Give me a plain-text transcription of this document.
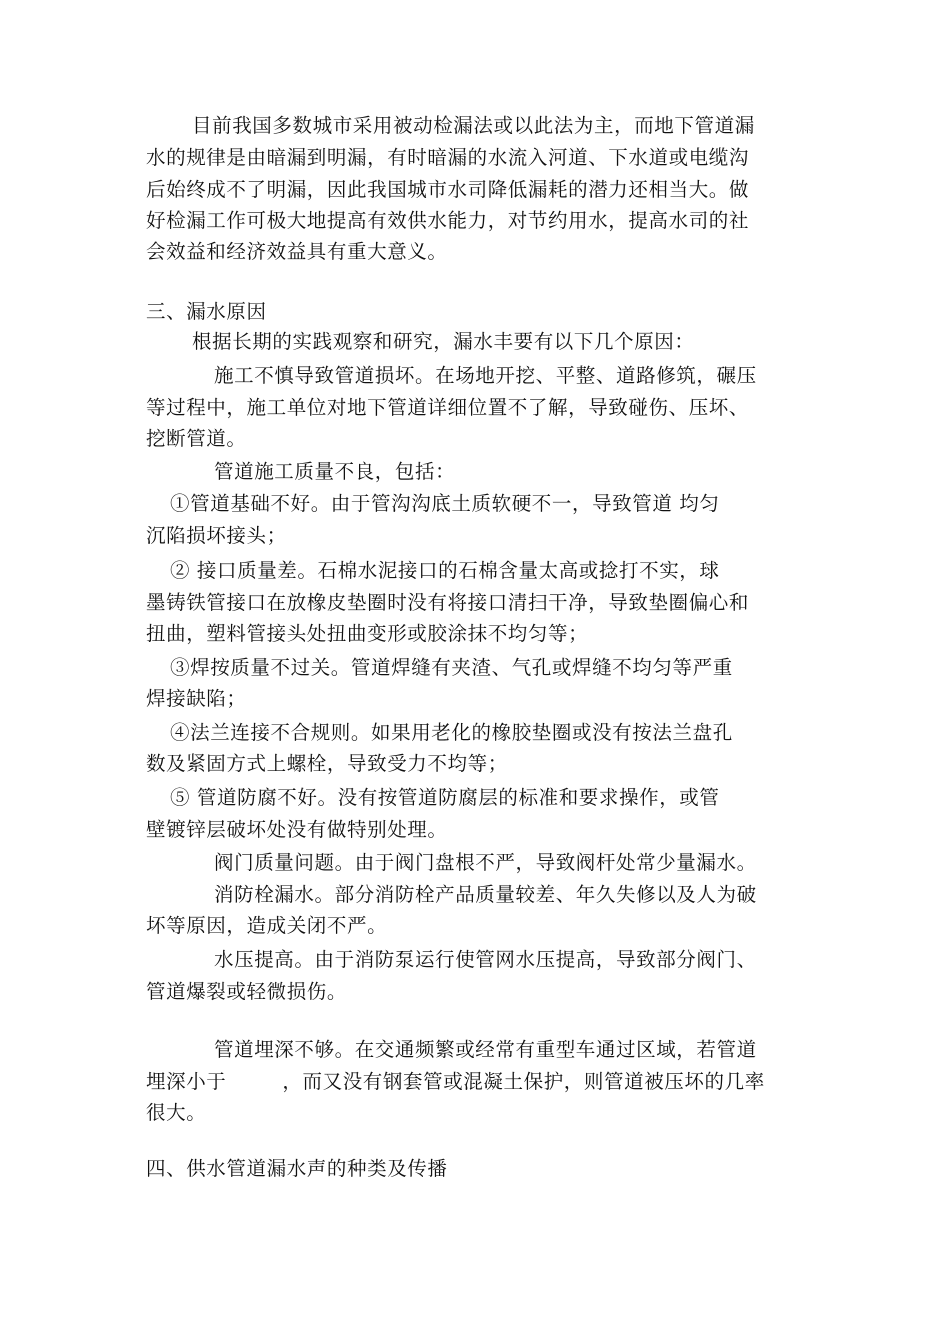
目前我国多数城市采用被动检漏法或以此法为主，而地下管道漏
水的规律是由暗漏到明漏，有时暗漏的水流入河道、下水道或电缆沟
后始终成不了明漏，因此我国城市水司降低漏耗的潜力还相当大。做
好检漏工作可极大地提高有效供水能力，对节约用水，提高水司的社
会效益和经济效益具有重大意义。
三、漏水原因
根据长期的实践观察和研究，漏水丰要有以下几个原因：
施工不慎导致管道损坏。在场地开挖、平整、道路修筑，碾压
等过程中，施工单位对地下管道详细位置不了解，导致碰伤、压坏、
挖断管道。
管道施工质量不良，包括：
①管道基础不好。由于管沟沟底土质软硬不一，导致管道 均匀
沉陷损坏接头；
② 接口质量差。石棉水泥接口的石棉含量太高或捻打不实，球
墨铸铁管接口在放橡皮垫圈时没有将接口清扫干净，导致垫圈偏心和
扭曲，塑料管接头处扭曲变形或胶涂抹不均匀等；
③焊按质量不过关。管道焊缝有夹渣、气孔或焊缝不均匀等严重
焊接缺陷；
④法兰连接不合规则。如果用老化的橡胶垫圈或没有按法兰盘孔
数及紧固方式上螺栓，导致受力不均等；
⑤ 管道防腐不好。没有按管道防腐层的标准和要求操作，或管
壁镀锌层破坏处没有做特别处理。
阀门质量问题。由于阀门盘根不严，导致阀杆处常少量漏水。
消防栓漏水。部分消防栓产品质量较差、年久失修以及人为破
坏等原因，造成关闭不严。
水压提高。由于消防泵运行使管网水压提高，导致部分阀门、
管道爆裂或轻微损伤。
管道埋深不够。在交通频繁或经常有重型车通过区域，若管道
埋深小于	，而又没有钢套管或混凝土保护，则管道被压坏的几率
很大。
四、供水管道漏水声的种类及传播
